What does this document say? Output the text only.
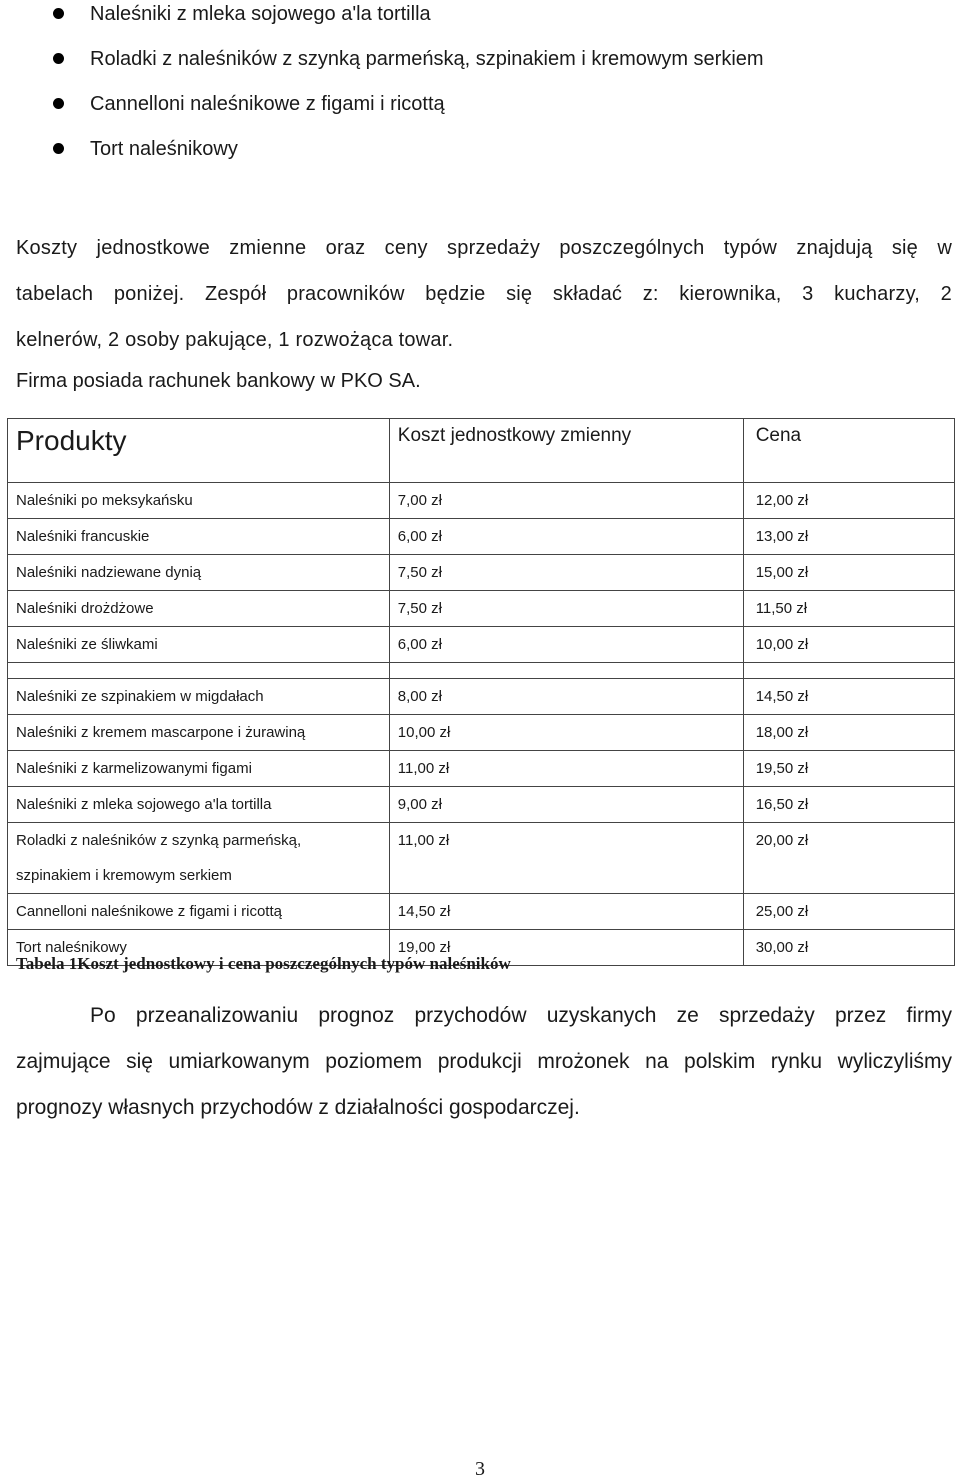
Naleśniki z mleka sojowego a'la tortilla
Roladki z naleśników z szynką parmeńską, szpinakiem i kremowym serkiem
Cannelloni naleśnikowe z figami i ricottą
Tort naleśnikowy
Koszty jednostkowe zmienne oraz ceny sprzedaży poszczególnych typów znajdują się w
tabelach poniżej. Zespół pracowników będzie się składać z: kierownika, 3 kucharzy, 2
kelnerów, 2 osoby pakujące, 1 rozwożąca towar.
Firma posiada rachunek bankowy w PKO SA.
Produkty	Koszt jednostkowy zmienny	Cena
Naleśniki po meksykańsku	7,00 zł	12,00 zł
Naleśniki francuskie	6,00 zł	13,00 zł
Naleśniki nadziewane dynią	7,50 zł	15,00 zł
Naleśniki drożdżowe	7,50 zł	11,50 zł
Naleśniki ze śliwkami	6,00 zł	10,00 zł

Naleśniki ze szpinakiem w migdałach	8,00 zł	14,50 zł
Naleśniki z kremem mascarpone i żurawiną	10,00 zł	18,00 zł
Naleśniki z karmelizowanymi figami	11,00 zł	19,50 zł
Naleśniki z mleka sojowego a'la tortilla	9,00 zł	16,50 zł
Roladki z naleśników z szynką parmeńską,
szpinakiem i kremowym serkiem	11,00 zł	20,00 zł
Cannelloni naleśnikowe z figami i ricottą	14,50 zł	25,00 zł
Tort naleśnikowy	19,00 zł	30,00 zł
Tabela 1Koszt jednostkowy i cena poszczególnych typów naleśników
Po przeanalizowaniu prognoz przychodów uzyskanych ze sprzedaży przez firmy
zajmujące się umiarkowanym poziomem produkcji mrożonek na polskim rynku wyliczyliśmy
prognozy własnych przychodów z działalności gospodarczej.
3
